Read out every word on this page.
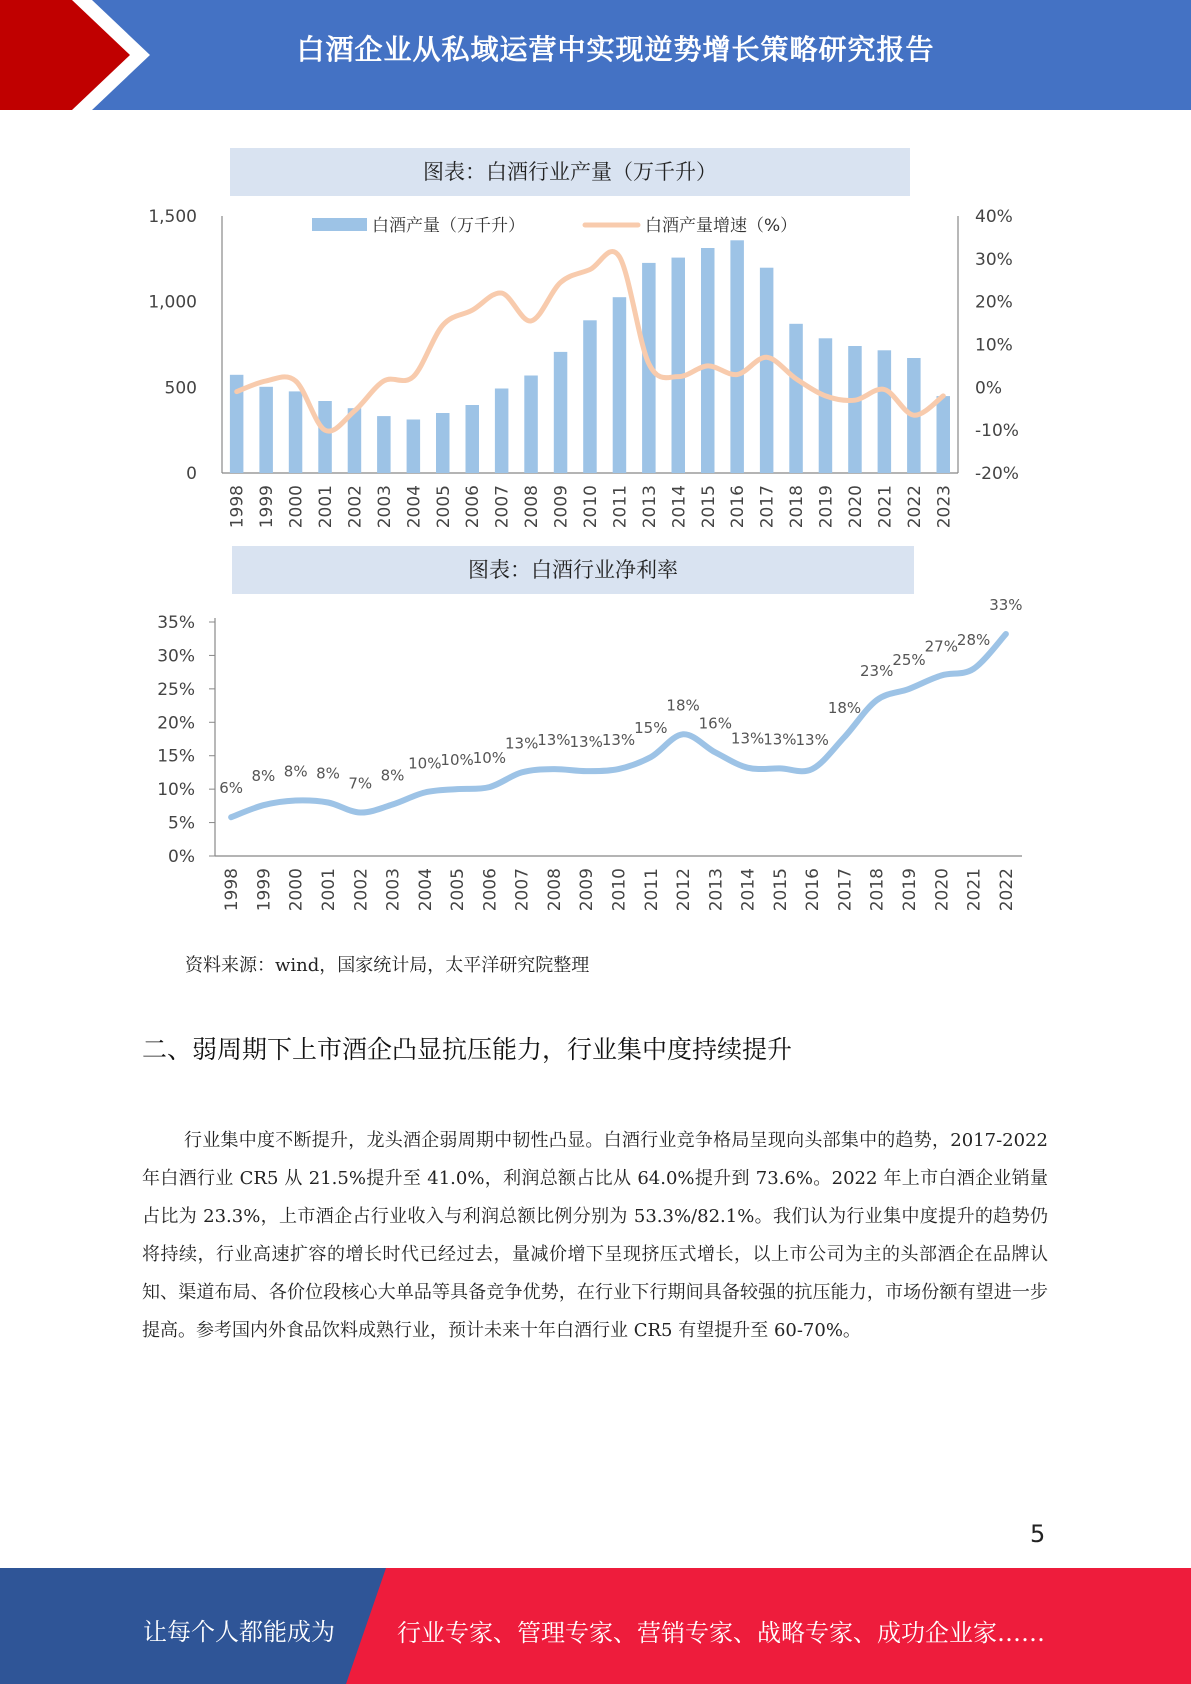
白酒企业从私域运营中实现逆势增长策略研究报告
图表：白酒行业产量（万千升）
0
500
1,000
1,500
-20%
-10%
0%
10%
20%
30%
40%
1998 1999 2000 2001 2002 2003 2004 2005 2006 2007 2008 2009 2010 2011 2013 2014 2015 2016 2017 2018 2019 2020 2021 2022 2023
白酒产量（万千升）	白酒产量增速（%）
图表：白酒行业净利率
0%
5%
10%
15%
20%
25%
30%
35%
1998 1999 2000 2001 2002 2003 2004 2005 2006 2007 2008 2009 2010 2011 2012 2013 2014 2015 2016 2017 2018 2019 2020 2021 2022
6%
8% 8% 8%
7% 8%
10%
10%
10%
13%
13%
13%
13%
15%
18%
16%
13%
13%
13%
18%
23%
25%
27%
28%
33%
资料来源：wind，国家统计局，太平洋研究院整理
二、弱周期下上市酒企凸显抗压能力，行业集中度持续提升
行业集中度不断提升，龙头酒企弱周期中韧性凸显。白酒行业竞争格局呈现向头部集中的趋势，2017-2022 年白酒行业 CR5 从 21.5%提升至 41.0%，利润总额占比从 64.0%提升到 73.6%。2022 年上市白酒企业销量占比为 23.3%，上市酒企占行业收入与利润总额比例分别为 53.3%/82.1%。我们认为行业集中度提升的趋势仍将持续，行业高速扩容的增长时代已经过去，量减价增下呈现挤压式增长，以上市公司为主的头部酒企在品牌认知、渠道布局、各价位段核心大单品等具备竞争优势，在行业下行期间具备较强的抗压能力，市场份额有望进一步提高。参考国内外食品饮料成熟行业，预计未来十年白酒行业 CR5 有望提升至 60-70%。
5
让每个人都能成为	行业专家、管理专家、营销专家、战略专家、成功企业家……
